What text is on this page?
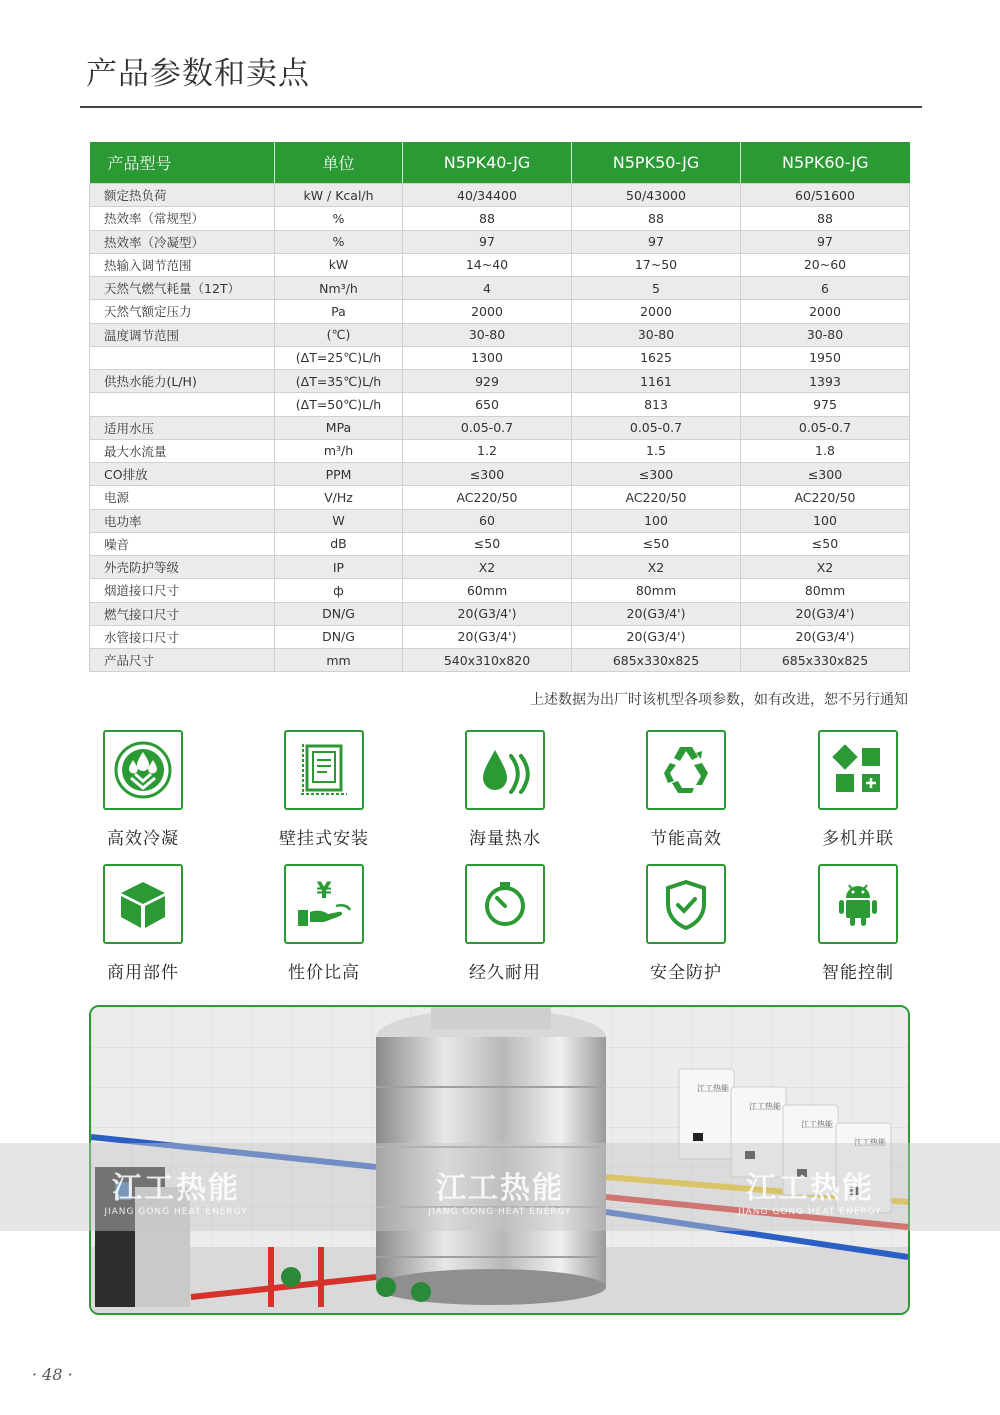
产品参数和卖点
产品型号	单位	N5PK40-JG	N5PK50-JG	N5PK60-JG
额定热负荷	kW / Kcal/h	40/34400	50/43000	60/51600
热效率（常规型）	%	88	88	88
热效率（冷凝型）	%	97	97	97
热输入调节范围	kW	14~40	17~50	20~60
天然气燃气耗量（12T）	Nm³/h	4	5	6
天然气额定压力	Pa	2000	2000	2000
温度调节范围	(℃)	30-80	30-80	30-80
	(ΔT=25℃)L/h	1300	1625	1950
供热水能力(L/H)	(ΔT=35℃)L/h	929	1161	1393
	(ΔT=50℃)L/h	650	813	975
适用水压	MPa	0.05-0.7	0.05-0.7	0.05-0.7
最大水流量	m³/h	1.2	1.5	1.8
CO排放	PPM	≤300	≤300	≤300
电源	V/Hz	AC220/50	AC220/50	AC220/50
电功率	W	60	100	100
噪音	dB	≤50	≤50	≤50
外壳防护等级	IP	X2	X2	X2
烟道接口尺寸	ф	60mm	80mm	80mm
燃气接口尺寸	DN/G	20(G3/4')	20(G3/4')	20(G3/4')
水管接口尺寸	DN/G	20(G3/4')	20(G3/4')	20(G3/4')
产品尺寸	mm	540x310x820	685x330x825	685x330x825
上述数据为出厂时该机型各项参数，如有改进，恕不另行通知
高效冷凝	壁挂式安装	海量热水	节能高效	多机并联
商用部件
¥
性价比高	经久耐用	安全防护	智能控制
江工热能
江工热能
江工热能
江工热能
江工热能
JIANG GONG HEAT ENERGY
江工热能
JIANG GONG HEAT ENERGY
江工热能
JIANG GONG HEAT ENERGY
· 48 ·
